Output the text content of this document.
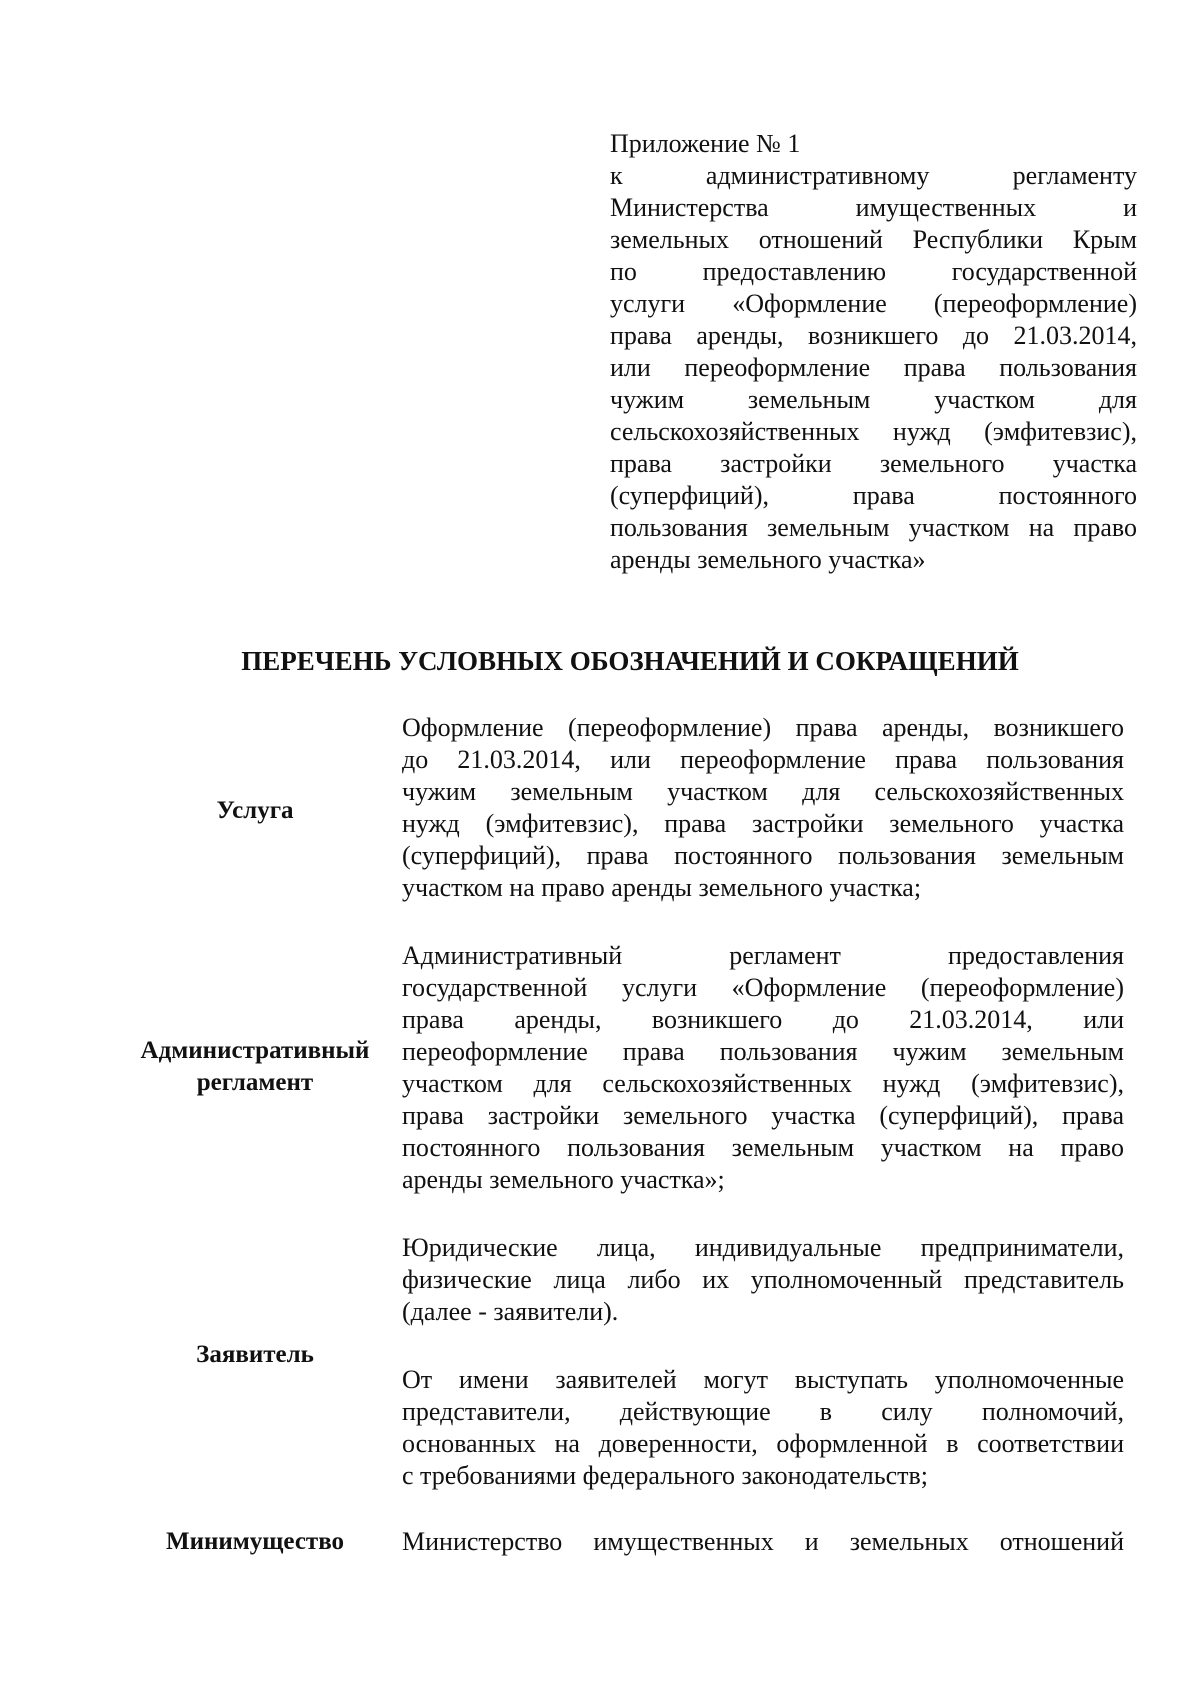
Приложение № 1
к административному регламенту
Министерства имущественных и
земельных отношений Республики Крым
по предоставлению государственной
услуги «Оформление (переоформление)
права аренды, возникшего до 21.03.2014,
или переоформление права пользования
чужим земельным участком для
сельскохозяйственных нужд (эмфитевзис),
права застройки земельного участка
(суперфиций), права постоянного
пользования земельным участком на право
аренды земельного участка»
ПЕРЕЧЕНЬ УСЛОВНЫХ ОБОЗНАЧЕНИЙ И СОКРАЩЕНИЙ
Услуга
Оформление (переоформление) права аренды, возникшего
до 21.03.2014, или переоформление права пользования
чужим земельным участком для сельскохозяйственных
нужд (эмфитевзис), права застройки земельного участка
(суперфиций), права постоянного пользования земельным
участком на право аренды земельного участка;
Административный
регламент
Административный регламент предоставления
государственной услуги «Оформление (переоформление)
права аренды, возникшего до 21.03.2014, или
переоформление права пользования чужим земельным
участком для сельскохозяйственных нужд (эмфитевзис),
права застройки земельного участка (суперфиций), права
постоянного пользования земельным участком на право
аренды земельного участка»;
Заявитель
Юридические лица, индивидуальные предприниматели,
физические лица либо их уполномоченный представитель
(далее - заявители).
От имени заявителей могут выступать уполномоченные
представители, действующие в силу полномочий,
основанных на доверенности, оформленной в соответствии
с требованиями федерального законодательств;
Минимущество	Министерство имущественных и земельных отношений
